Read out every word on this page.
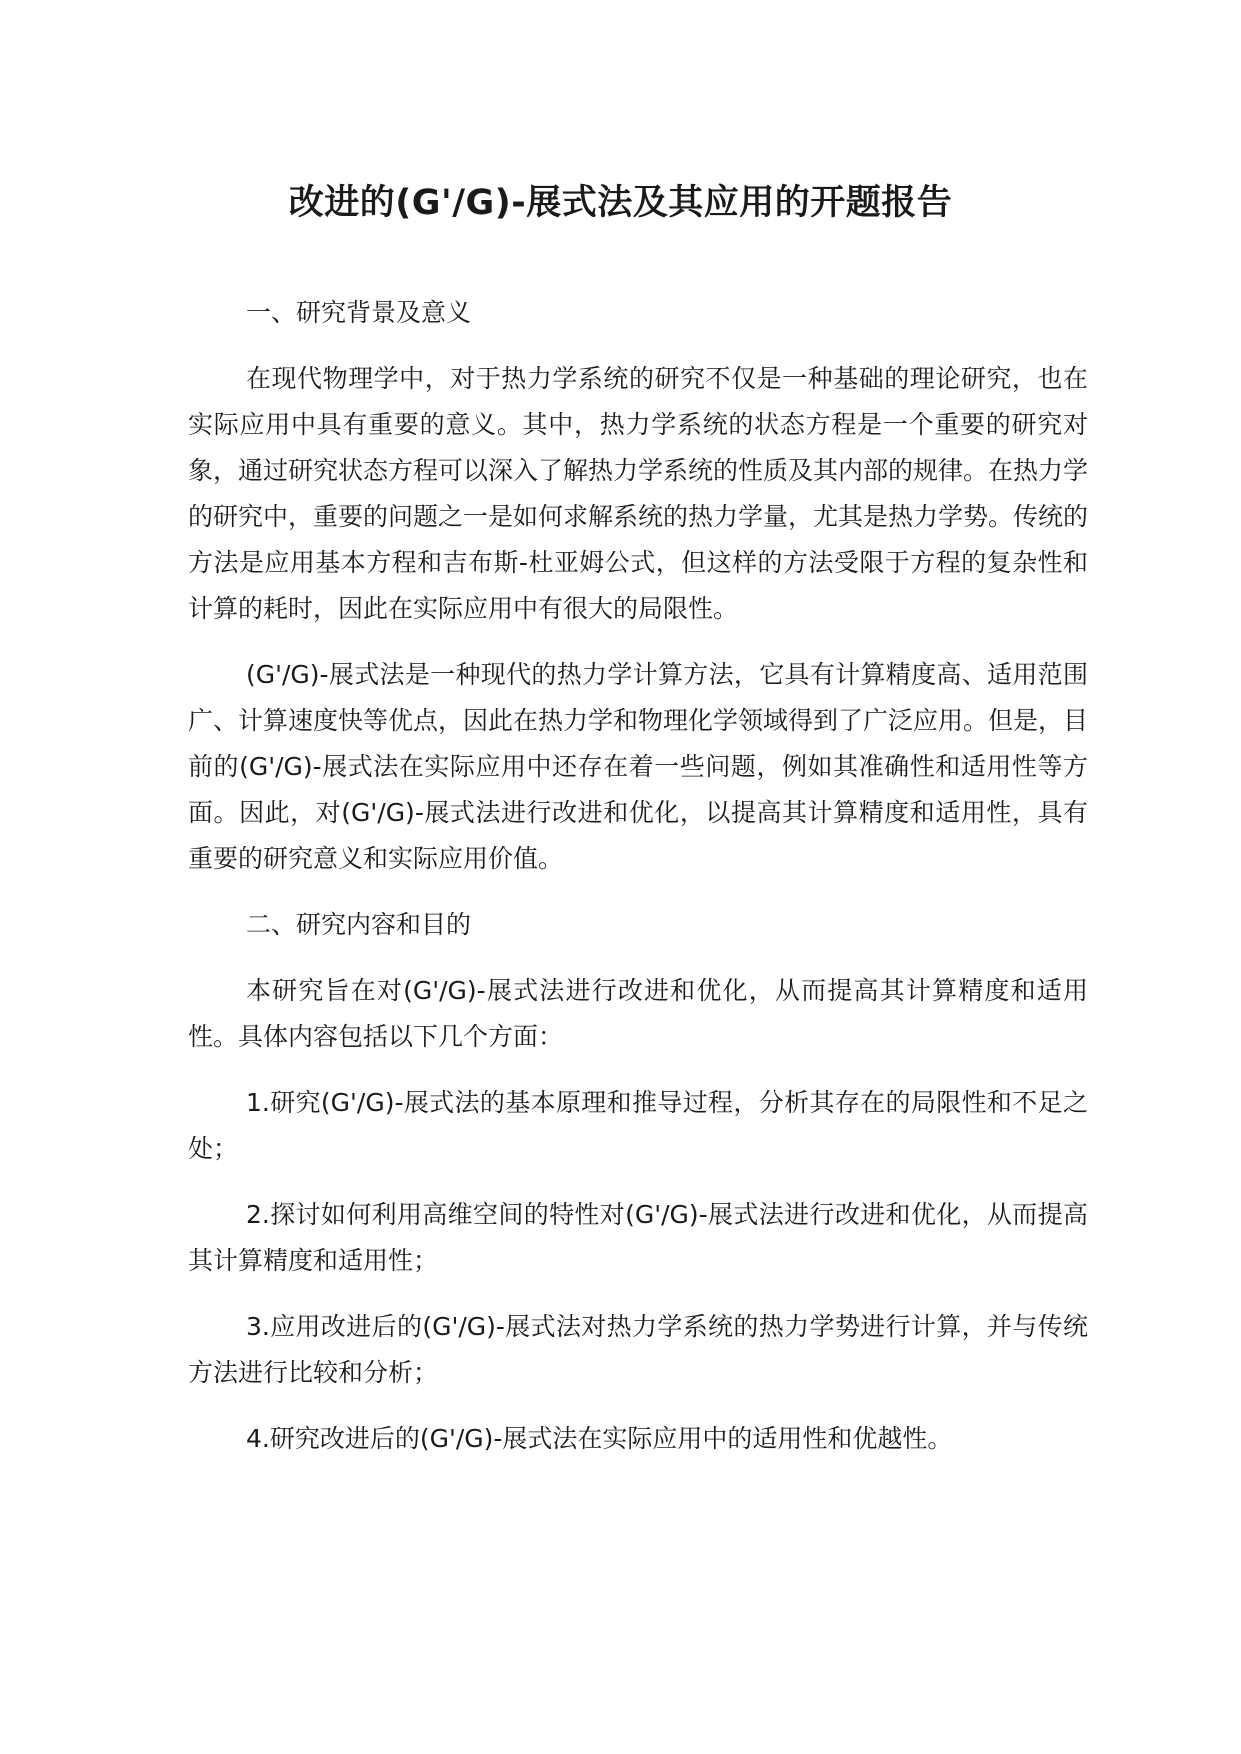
改进的(G'/G)-展式法及其应用的开题报告

一、研究背景及意义

在现代物理学中，对于热力学系统的研究不仅是一种基础的理论研究，也在实际应用中具有重要的意义。其中，热力学系统的状态方程是一个重要的研究对象，通过研究状态方程可以深入了解热力学系统的性质及其内部的规律。在热力学的研究中，重要的问题之一是如何求解系统的热力学量，尤其是热力学势。传统的方法是应用基本方程和吉布斯-杜亚姆公式，但这样的方法受限于方程的复杂性和计算的耗时，因此在实际应用中有很大的局限性。

(G'/G)-展式法是一种现代的热力学计算方法，它具有计算精度高、适用范围广、计算速度快等优点，因此在热力学和物理化学领域得到了广泛应用。但是，目前的(G'/G)-展式法在实际应用中还存在着一些问题，例如其准确性和适用性等方面。因此，对(G'/G)-展式法进行改进和优化，以提高其计算精度和适用性，具有重要的研究意义和实际应用价值。

二、研究内容和目的

本研究旨在对(G'/G)-展式法进行改进和优化，从而提高其计算精度和适用性。具体内容包括以下几个方面：

1.研究(G'/G)-展式法的基本原理和推导过程，分析其存在的局限性和不足之处；

2.探讨如何利用高维空间的特性对(G'/G)-展式法进行改进和优化，从而提高其计算精度和适用性；

3.应用改进后的(G'/G)-展式法对热力学系统的热力学势进行计算，并与传统方法进行比较和分析；

4.研究改进后的(G'/G)-展式法在实际应用中的适用性和优越性。
